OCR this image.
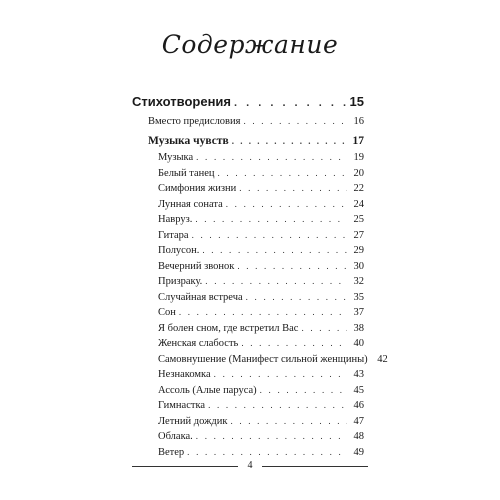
Содержание
Стихотворения . . .	15
Вместо предисловия . . .	16
Музыка чувств . . .	17
Музыка . . .	19
Белый танец . . .	20
Симфония жизни . . .	22
Лунная соната . . .	24
Навруз. . . .	25
Гитара . . .	27
Полусон. . . .	29
Вечерний звонок . . .	30
Призраку. . . .	32
Случайная встреча . . .	35
Сон . . .	37
Я болен сном, где встретил Вас . . .	38
Женская слабость . . .	40
Самовнушение (Манифест сильной женщины) 42
Незнакомка . . .	43
Ассоль (Алые паруса) . . .	45
Гимнастка . . .	46
Летний дождик . . .	47
Облака. . . .	48
Ветер . . .	49
4
